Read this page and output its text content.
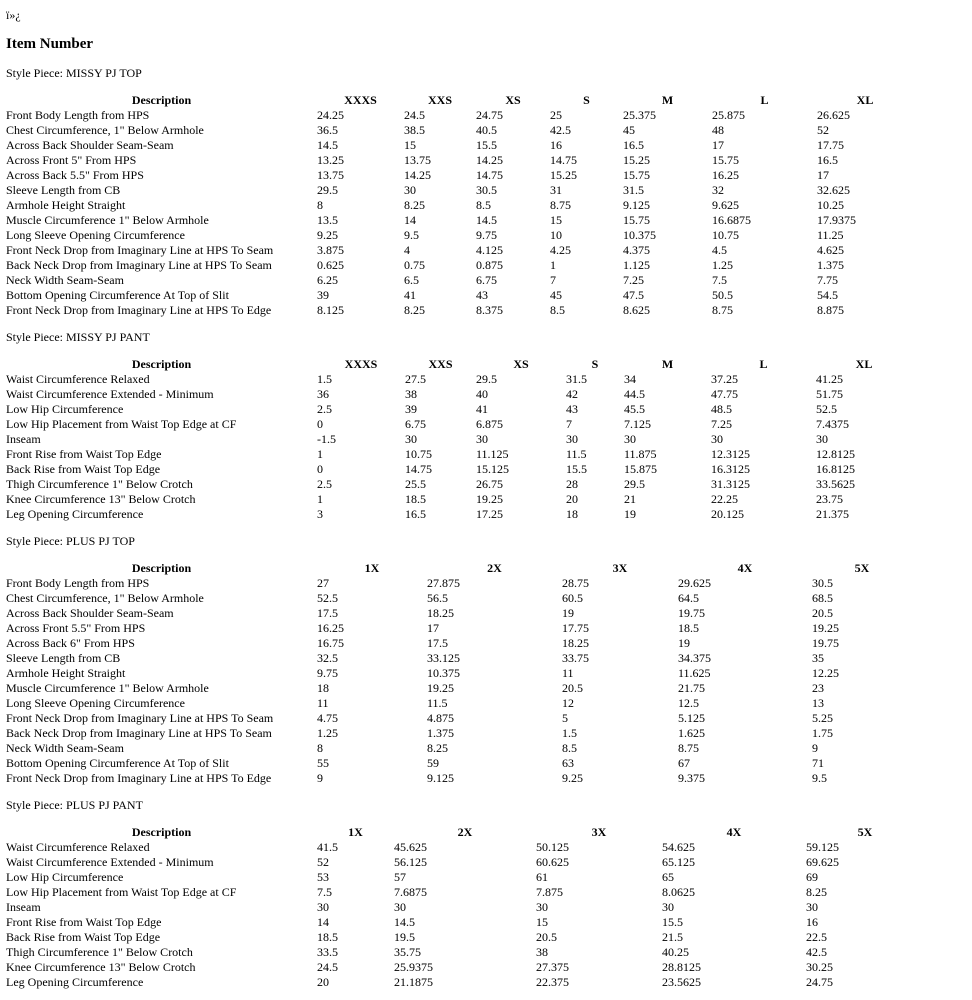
ï»¿

Item Number

Style Piece: MISSY PJ TOP

Description	XXXS	XXS	XS	S	M	L	XL
Front Body Length from HPS	24.25	24.5	24.75	25	25.375	25.875	26.625
Chest Circumference, 1" Below Armhole	36.5	38.5	40.5	42.5	45	48	52
Across Back Shoulder Seam-Seam	14.5	15	15.5	16	16.5	17	17.75
Across Front 5" From HPS	13.25	13.75	14.25	14.75	15.25	15.75	16.5
Across Back 5.5" From HPS	13.75	14.25	14.75	15.25	15.75	16.25	17
Sleeve Length from CB	29.5	30	30.5	31	31.5	32	32.625
Armhole Height Straight	8	8.25	8.5	8.75	9.125	9.625	10.25
Muscle Circumference 1" Below Armhole	13.5	14	14.5	15	15.75	16.6875	17.9375
Long Sleeve Opening Circumference	9.25	9.5	9.75	10	10.375	10.75	11.25
Front Neck Drop from Imaginary Line at HPS To Seam	3.875	4	4.125	4.25	4.375	4.5	4.625
Back Neck Drop from Imaginary Line at HPS To Seam	0.625	0.75	0.875	1	1.125	1.25	1.375
Neck Width Seam-Seam	6.25	6.5	6.75	7	7.25	7.5	7.75
Bottom Opening Circumference At Top of Slit	39	41	43	45	47.5	50.5	54.5
Front Neck Drop from Imaginary Line at HPS To Edge	8.125	8.25	8.375	8.5	8.625	8.75	8.875

Style Piece: MISSY PJ PANT

Description	XXXS	XXS	XS	S	M	L	XL
Waist Circumference Relaxed	1.5	27.5	29.5	31.5	34	37.25	41.25
Waist Circumference Extended - Minimum	36	38	40	42	44.5	47.75	51.75
Low Hip Circumference	2.5	39	41	43	45.5	48.5	52.5
Low Hip Placement from Waist Top Edge at CF	0	6.75	6.875	7	7.125	7.25	7.4375
Inseam	-1.5	30	30	30	30	30	30
Front Rise from Waist Top Edge	1	10.75	11.125	11.5	11.875	12.3125	12.8125
Back Rise from Waist Top Edge	0	14.75	15.125	15.5	15.875	16.3125	16.8125
Thigh Circumference 1" Below Crotch	2.5	25.5	26.75	28	29.5	31.3125	33.5625
Knee Circumference 13" Below Crotch	1	18.5	19.25	20	21	22.25	23.75
Leg Opening Circumference	3	16.5	17.25	18	19	20.125	21.375

Style Piece: PLUS PJ TOP

Description	1X	2X	3X	4X	5X
Front Body Length from HPS	27	27.875	28.75	29.625	30.5
Chest Circumference, 1" Below Armhole	52.5	56.5	60.5	64.5	68.5
Across Back Shoulder Seam-Seam	17.5	18.25	19	19.75	20.5
Across Front 5.5" From HPS	16.25	17	17.75	18.5	19.25
Across Back 6" From HPS	16.75	17.5	18.25	19	19.75
Sleeve Length from CB	32.5	33.125	33.75	34.375	35
Armhole Height Straight	9.75	10.375	11	11.625	12.25
Muscle Circumference 1" Below Armhole	18	19.25	20.5	21.75	23
Long Sleeve Opening Circumference	11	11.5	12	12.5	13
Front Neck Drop from Imaginary Line at HPS To Seam	4.75	4.875	5	5.125	5.25
Back Neck Drop from Imaginary Line at HPS To Seam	1.25	1.375	1.5	1.625	1.75
Neck Width Seam-Seam	8	8.25	8.5	8.75	9
Bottom Opening Circumference At Top of Slit	55	59	63	67	71
Front Neck Drop from Imaginary Line at HPS To Edge	9	9.125	9.25	9.375	9.5

Style Piece: PLUS PJ PANT

Description	1X	2X	3X	4X	5X
Waist Circumference Relaxed	41.5	45.625	50.125	54.625	59.125
Waist Circumference Extended - Minimum	52	56.125	60.625	65.125	69.625
Low Hip Circumference	53	57	61	65	69
Low Hip Placement from Waist Top Edge at CF	7.5	7.6875	7.875	8.0625	8.25
Inseam	30	30	30	30	30
Front Rise from Waist Top Edge	14	14.5	15	15.5	16
Back Rise from Waist Top Edge	18.5	19.5	20.5	21.5	22.5
Thigh Circumference 1" Below Crotch	33.5	35.75	38	40.25	42.5
Knee Circumference 13" Below Crotch	24.5	25.9375	27.375	28.8125	30.25
Leg Opening Circumference	20	21.1875	22.375	23.5625	24.75
